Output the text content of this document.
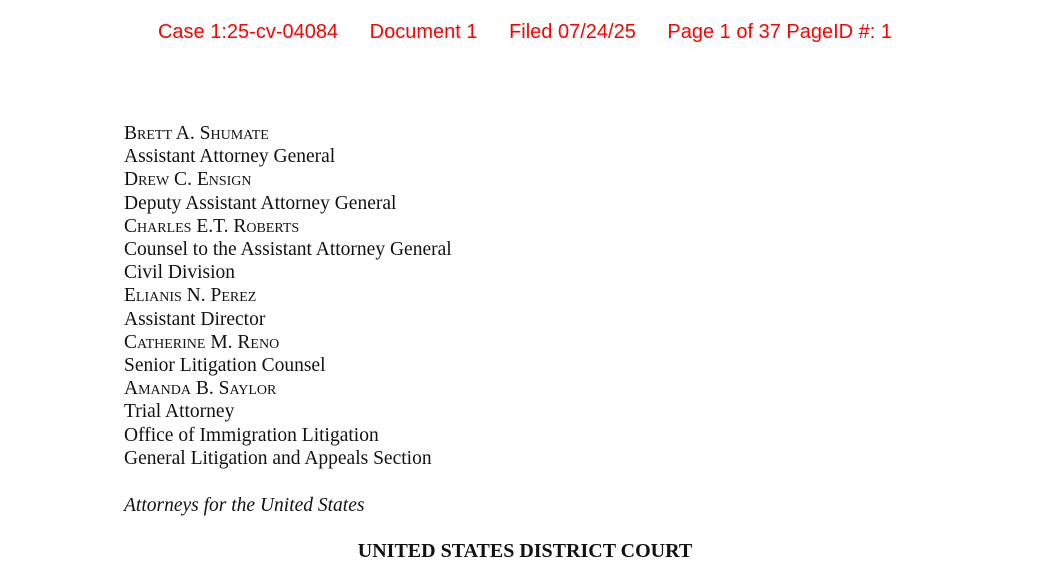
Case 1:25-cv-04084 Document 1 Filed 07/24/25 Page 1 of 37 PageID #: 1
Brett A. Shumate
Assistant Attorney General
Drew C. Ensign
Deputy Assistant Attorney General
Charles E.T. Roberts
Counsel to the Assistant Attorney General
Civil Division
Elianis N. Perez
Assistant Director
Catherine M. Reno
Senior Litigation Counsel
Amanda B. Saylor
Trial Attorney
Office of Immigration Litigation
General Litigation and Appeals Section
Attorneys for the United States
UNITED STATES DISTRICT COURT
